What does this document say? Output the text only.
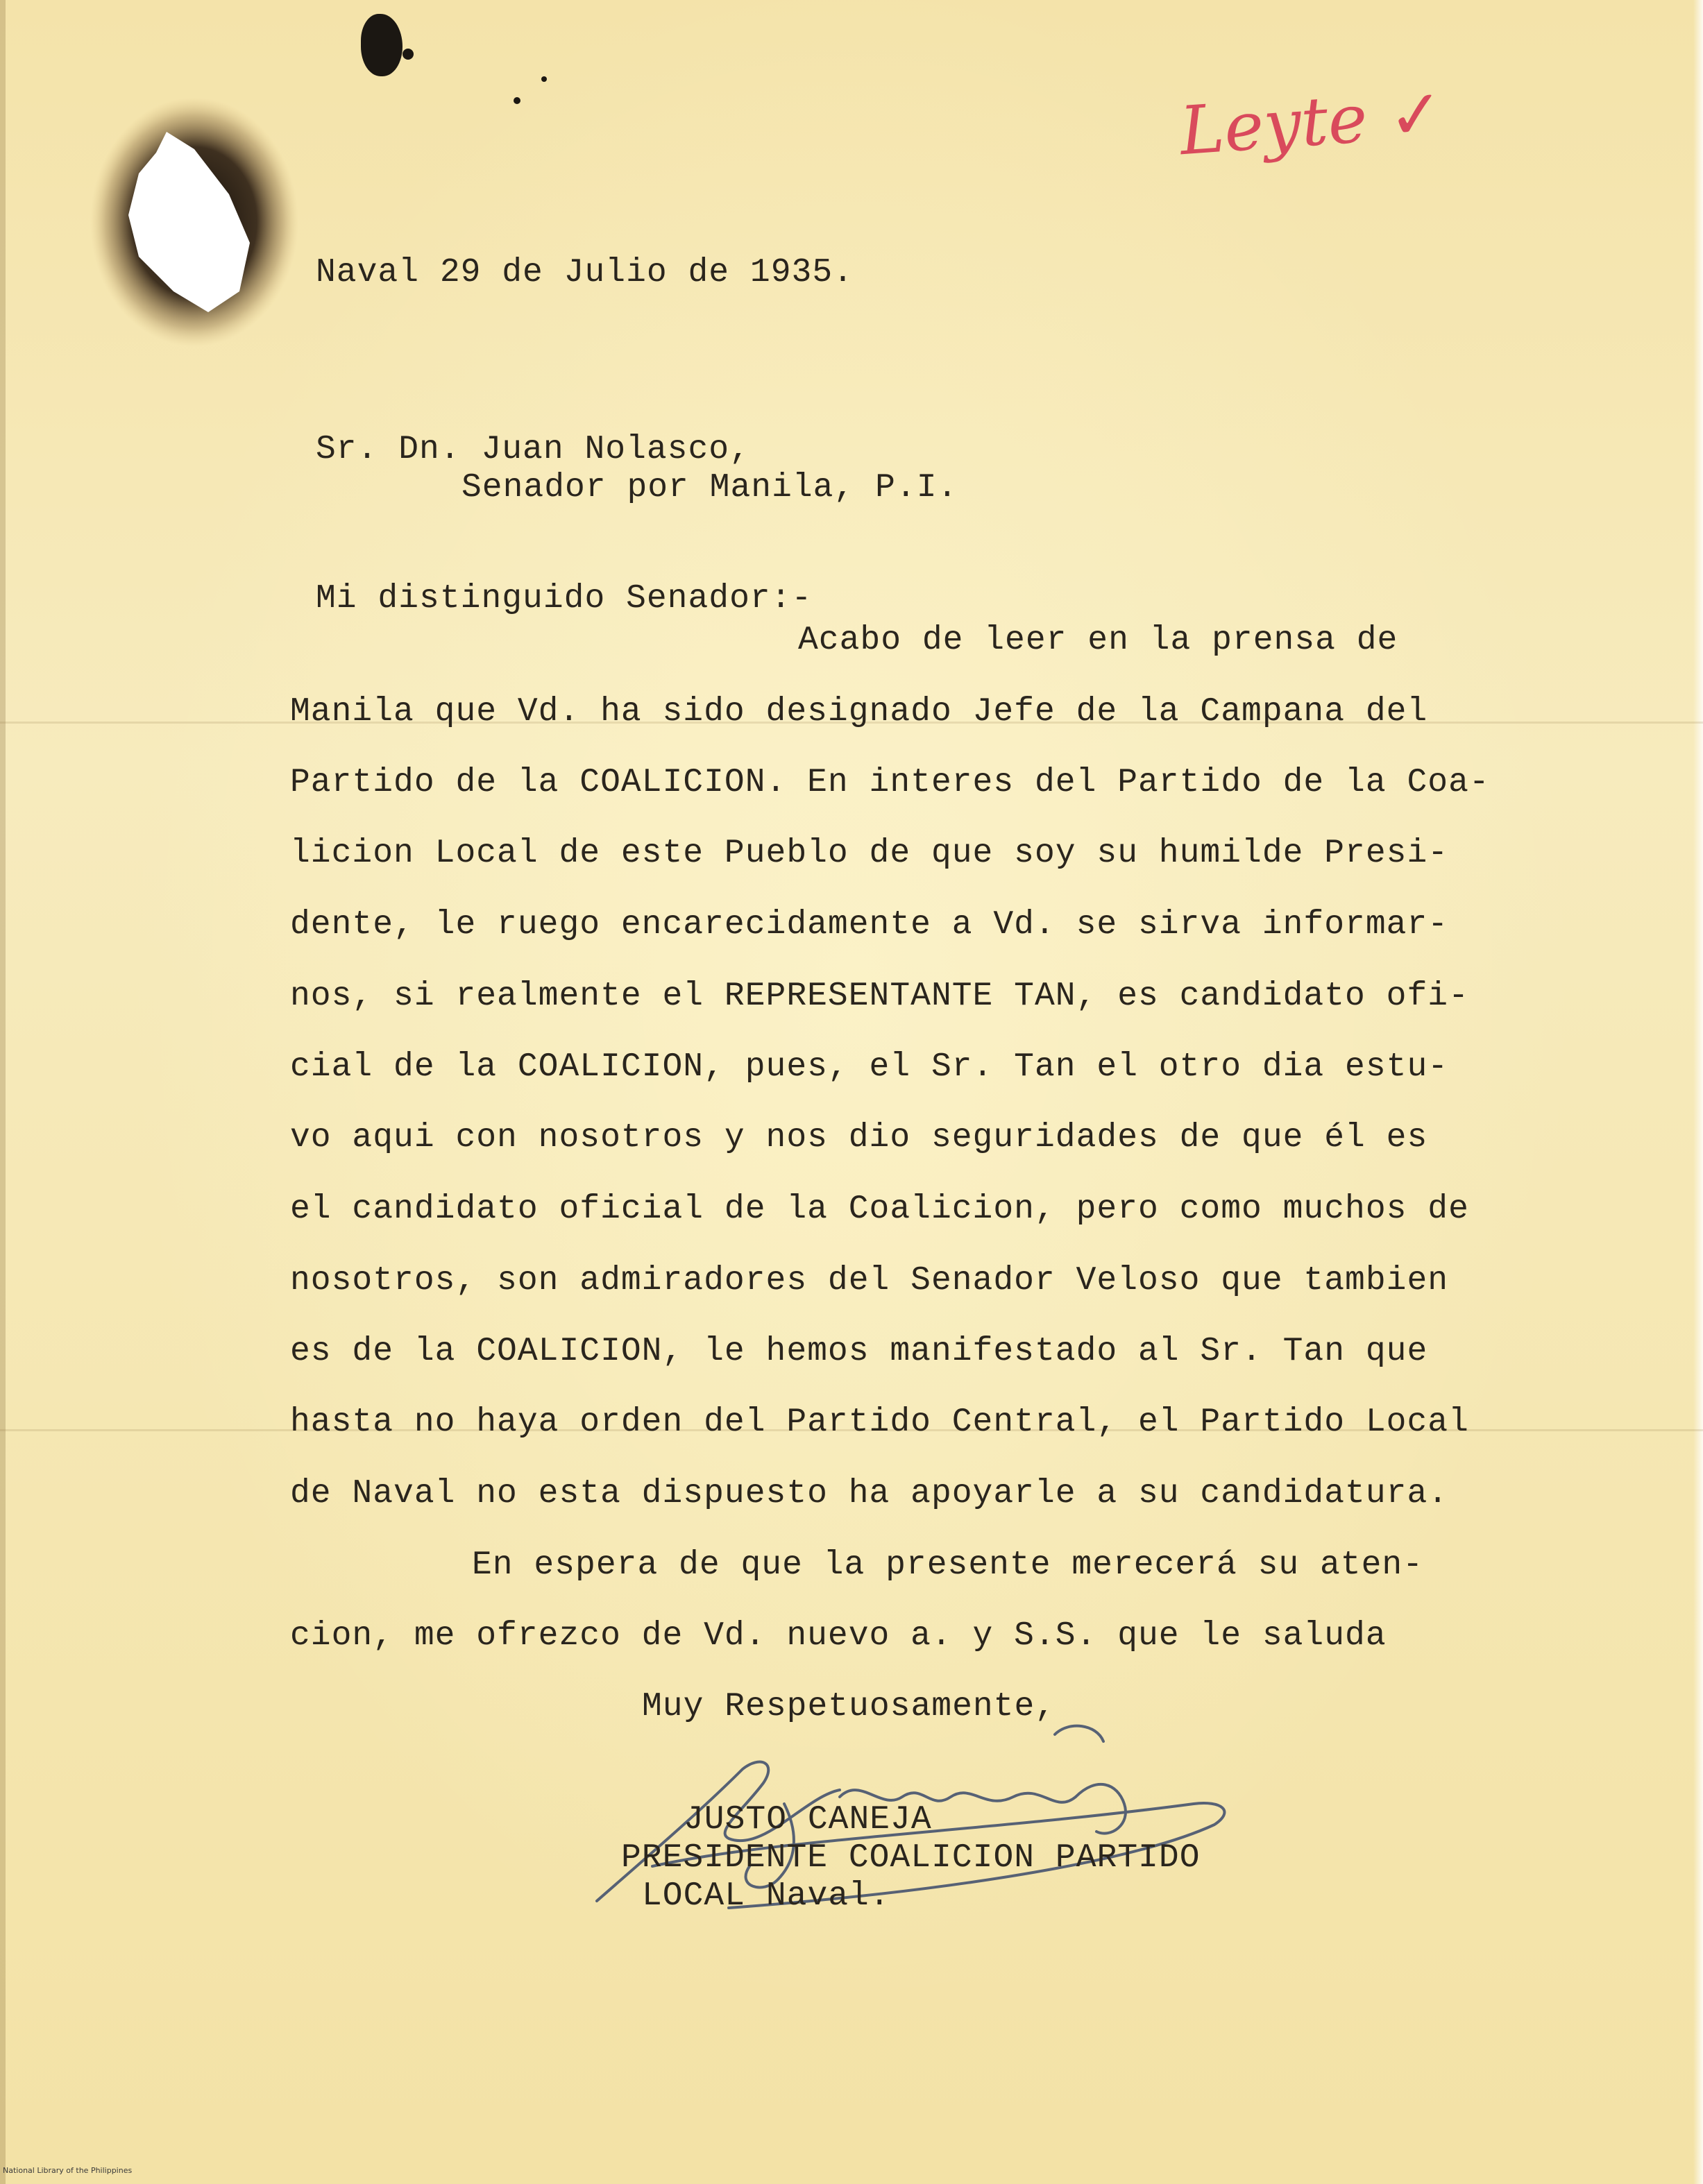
Leyte ✓
Naval 29 de Julio de 1935.
Sr. Dn. Juan Nolasco,
Senador por Manila, P.I.
Mi distinguido Senador:-
Acabo de leer en la prensa de
Manila que Vd. ha sido designado Jefe de la Campana del
Partido de la COALICION. En interes del Partido de la Coa-
licion Local de este Pueblo de que soy su humilde Presi-
dente, le ruego encarecidamente a Vd. se sirva informar-
nos, si realmente el REPRESENTANTE TAN, es candidato ofi-
cial de la COALICION, pues, el Sr. Tan el otro dia estu-
vo aqui con nosotros y nos dio seguridades de que él es
el candidato oficial de la Coalicion, pero como muchos de
nosotros, son admiradores del Senador Veloso que tambien
es de la COALICION, le hemos manifestado al Sr. Tan que
hasta no haya orden del Partido Central, el Partido Local
de Naval no esta dispuesto ha apoyarle a su candidatura.
En espera de que la presente merecerá su aten-
cion, me ofrezco de Vd. nuevo a. y S.S. que le saluda
Muy Respetuosamente,
JUSTO CANEJA
PRESIDENTE COALICION PARTIDO
LOCAL Naval.
National Library of the Philippines
